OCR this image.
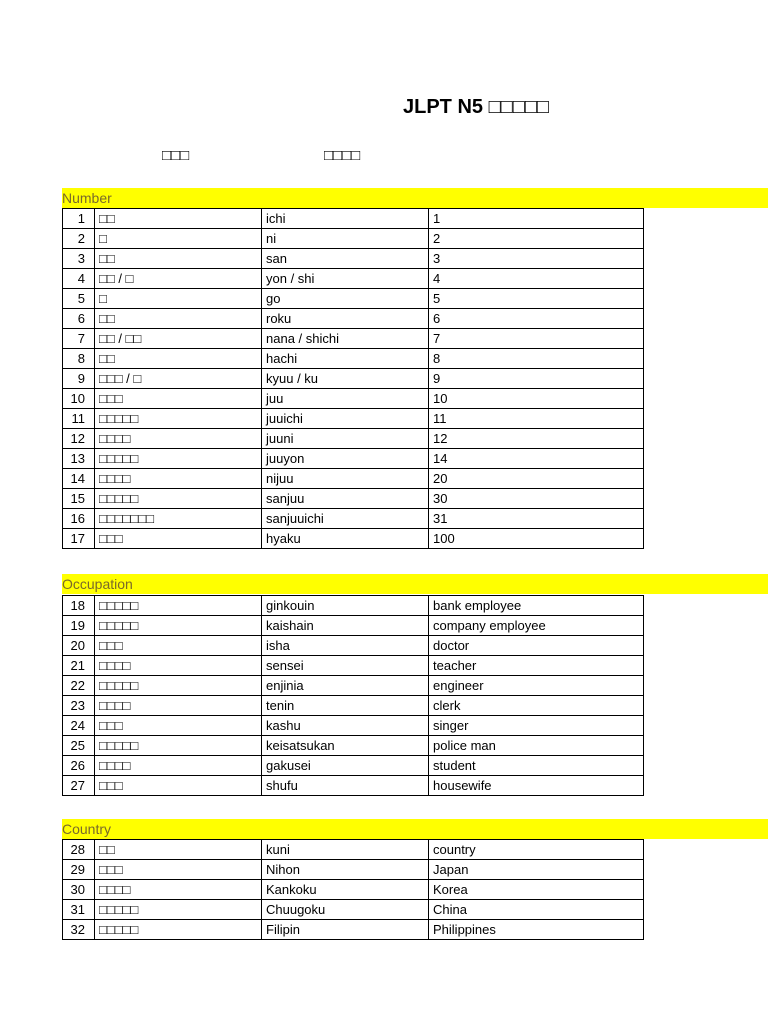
JLPT N5 □□□□□
□□□	□□□□
Number
1	□□	ichi	1
2	□	ni	2
3	□□	san	3
4	□□ / □	yon / shi	4
5	□	go	5
6	□□	roku	6
7	□□ / □□	nana / shichi	7
8	□□	hachi	8
9	□□□ / □	kyuu / ku	9
10	□□□	juu	10
11	□□□□□	juuichi	11
12	□□□□	juuni	12
13	□□□□□	juuyon	14
14	□□□□	nijuu	20
15	□□□□□	sanjuu	30
16	□□□□□□□	sanjuuichi	31
17	□□□	hyaku	100
Occupation
18	□□□□□	ginkouin	bank employee
19	□□□□□	kaishain	company employee
20	□□□	isha	doctor
21	□□□□	sensei	teacher
22	□□□□□	enjinia	engineer
23	□□□□	tenin	clerk
24	□□□	kashu	singer
25	□□□□□	keisatsukan	police man
26	□□□□	gakusei	student
27	□□□	shufu	housewife
Country
28	□□	kuni	country
29	□□□	Nihon	Japan
30	□□□□	Kankoku	Korea
31	□□□□□	Chuugoku	China
32	□□□□□	Filipin	Philippines
